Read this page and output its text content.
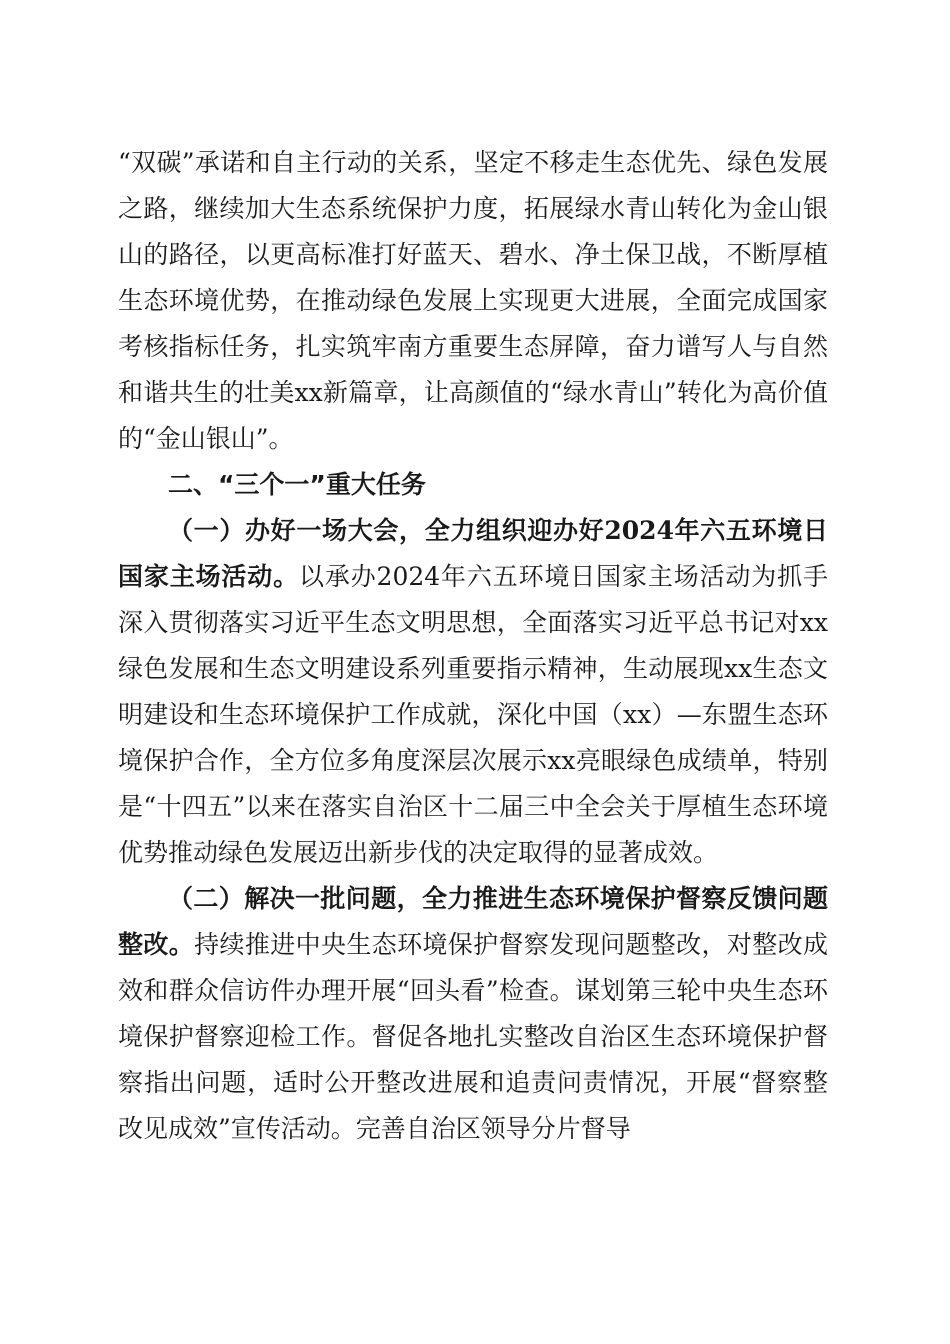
“双碳”承诺和自主行动的关系，坚定不移走生态优先、绿色发展之路，继续加大生态系统保护力度，拓展绿水青山转化为金山银山的路径，以更高标准打好蓝天、碧水、净土保卫战，不断厚植生态环境优势，在推动绿色发展上实现更大进展，全面完成国家考核指标任务，扎实筑牢南方重要生态屏障，奋力谱写人与自然和谐共生的壮美xx新篇章，让高颜值的“绿水青山”转化为高价值的“金山银山”。

二、“三个一”重大任务

（一）办好一场大会，全力组织迎办好2024年六五环境日国家主场活动。以承办2024年六五环境日国家主场活动为抓手深入贯彻落实习近平生态文明思想，全面落实习近平总书记对xx绿色发展和生态文明建设系列重要指示精神，生动展现xx生态文明建设和生态环境保护工作成就，深化中国（xx）—东盟生态环境保护合作，全方位多角度深层次展示xx亮眼绿色成绩单，特别是“十四五”以来在落实自治区十二届三中全会关于厚植生态环境优势推动绿色发展迈出新步伐的决定取得的显著成效。

（二）解决一批问题，全力推进生态环境保护督察反馈问题整改。持续推进中央生态环境保护督察发现问题整改，对整改成效和群众信访件办理开展“回头看”检查。谋划第三轮中央生态环境保护督察迎检工作。督促各地扎实整改自治区生态环境保护督察指出问题，适时公开整改进展和追责问责情况，开展“督察整改见成效”宣传活动。完善自治区领导分片督导
